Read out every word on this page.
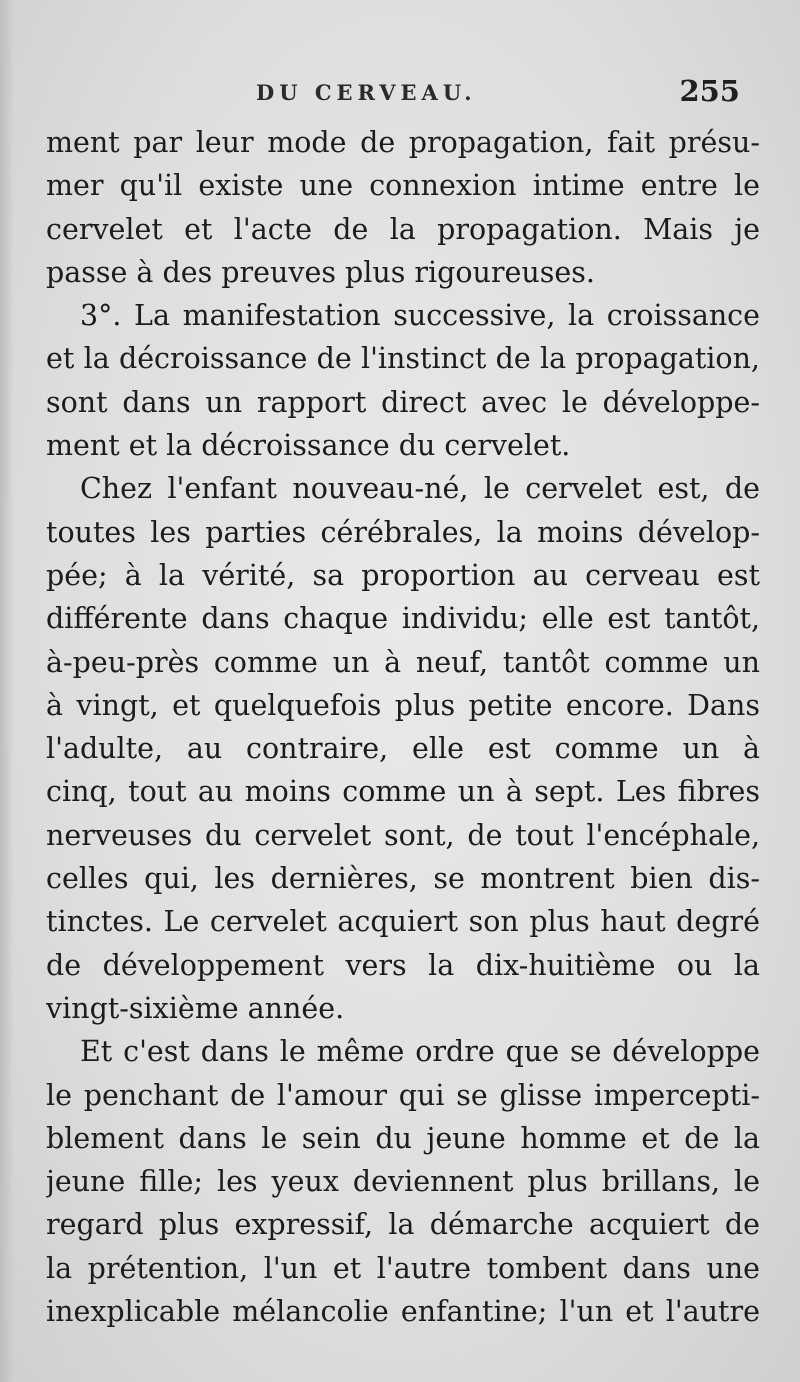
DU CERVEAU.	255
ment par leur mode de propagation, fait présu-
mer qu'il existe une connexion intime entre le
cervelet et l'acte de la propagation. Mais je
passe à des preuves plus rigoureuses.
3°. La manifestation successive, la croissance
et la décroissance de l'instinct de la propagation,
sont dans un rapport direct avec le développe-
ment et la décroissance du cervelet.
Chez l'enfant nouveau-né, le cervelet est, de
toutes les parties cérébrales, la moins dévelop-
pée; à la vérité, sa proportion au cerveau est
différente dans chaque individu; elle est tantôt,
à-peu-près comme un à neuf, tantôt comme un
à vingt, et quelquefois plus petite encore. Dans
l'adulte, au contraire, elle est comme un à
cinq, tout au moins comme un à sept. Les fibres
nerveuses du cervelet sont, de tout l'encéphale,
celles qui, les dernières, se montrent bien dis-
tinctes. Le cervelet acquiert son plus haut degré
de développement vers la dix-huitième ou la
vingt-sixième année.
Et c'est dans le même ordre que se développe
le penchant de l'amour qui se glisse impercepti-
blement dans le sein du jeune homme et de la
jeune fille; les yeux deviennent plus brillans, le
regard plus expressif, la démarche acquiert de
la prétention, l'un et l'autre tombent dans une
inexplicable mélancolie enfantine; l'un et l'autre
